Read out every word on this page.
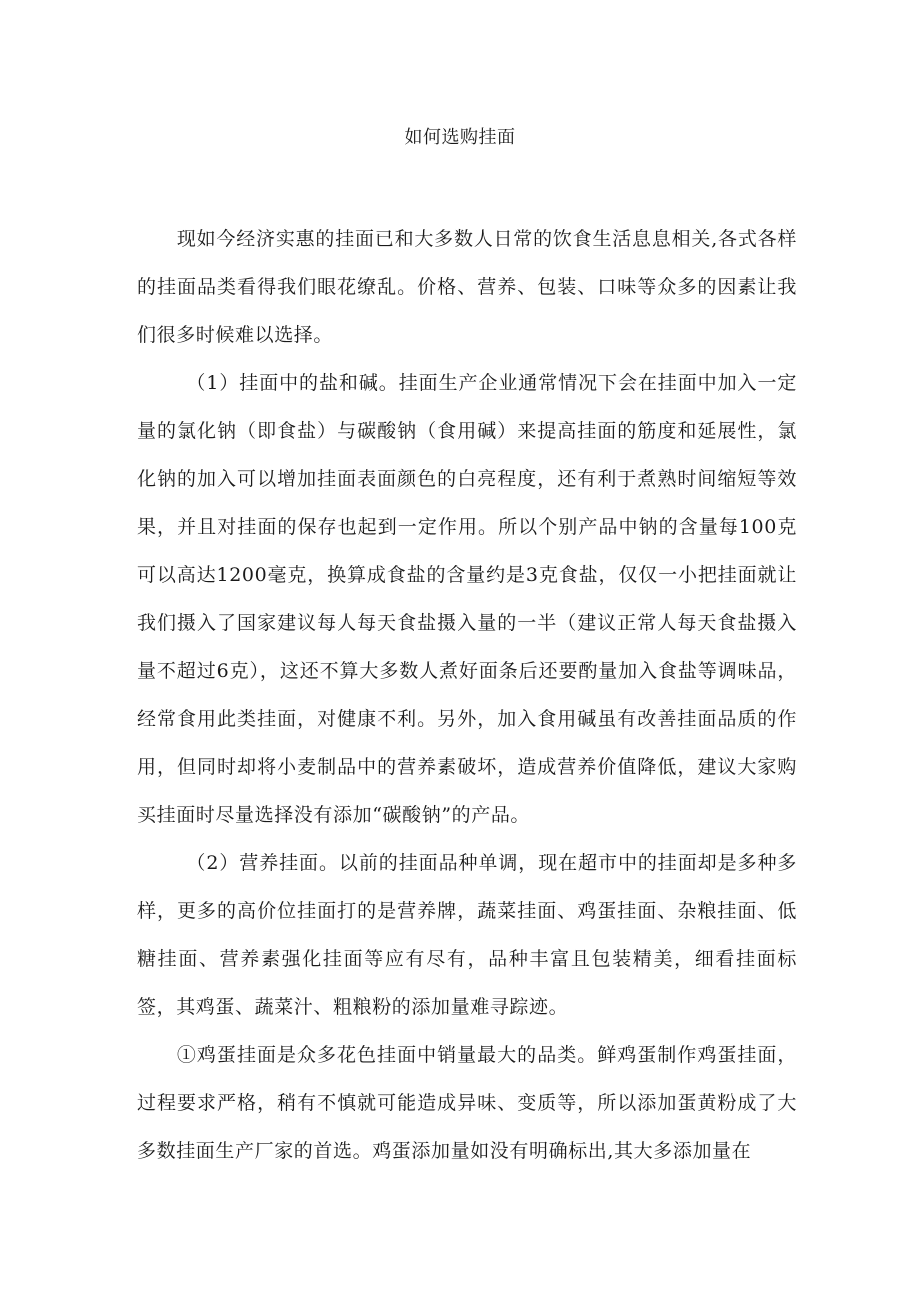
如何选购挂面

现如今经济实惠的挂面已和大多数人日常的饮食生活息息相关,各式各样的挂面品类看得我们眼花缭乱。价格、营养、包装、口味等众多的因素让我们很多时候难以选择。

（1）挂面中的盐和碱。挂面生产企业通常情况下会在挂面中加入一定量的氯化钠（即食盐）与碳酸钠（食用碱）来提高挂面的筋度和延展性，氯化钠的加入可以增加挂面表面颜色的白亮程度，还有利于煮熟时间缩短等效果，并且对挂面的保存也起到一定作用。所以个别产品中钠的含量每100克可以高达1200毫克，换算成食盐的含量约是3克食盐，仅仅一小把挂面就让我们摄入了国家建议每人每天食盐摄入量的一半（建议正常人每天食盐摄入量不超过6克），这还不算大多数人煮好面条后还要酌量加入食盐等调味品，经常食用此类挂面，对健康不利。另外，加入食用碱虽有改善挂面品质的作用，但同时却将小麦制品中的营养素破坏，造成营养价值降低，建议大家购买挂面时尽量选择没有添加“碳酸钠”的产品。

（2）营养挂面。以前的挂面品种单调，现在超市中的挂面却是多种多样，更多的高价位挂面打的是营养牌，蔬菜挂面、鸡蛋挂面、杂粮挂面、低糖挂面、营养素强化挂面等应有尽有，品种丰富且包装精美，细看挂面标签，其鸡蛋、蔬菜汁、粗粮粉的添加量难寻踪迹。

①鸡蛋挂面是众多花色挂面中销量最大的品类。鲜鸡蛋制作鸡蛋挂面，过程要求严格，稍有不慎就可能造成异味、变质等，所以添加蛋黄粉成了大多数挂面生产厂家的首选。鸡蛋添加量如没有明确标出,其大多添加量在
